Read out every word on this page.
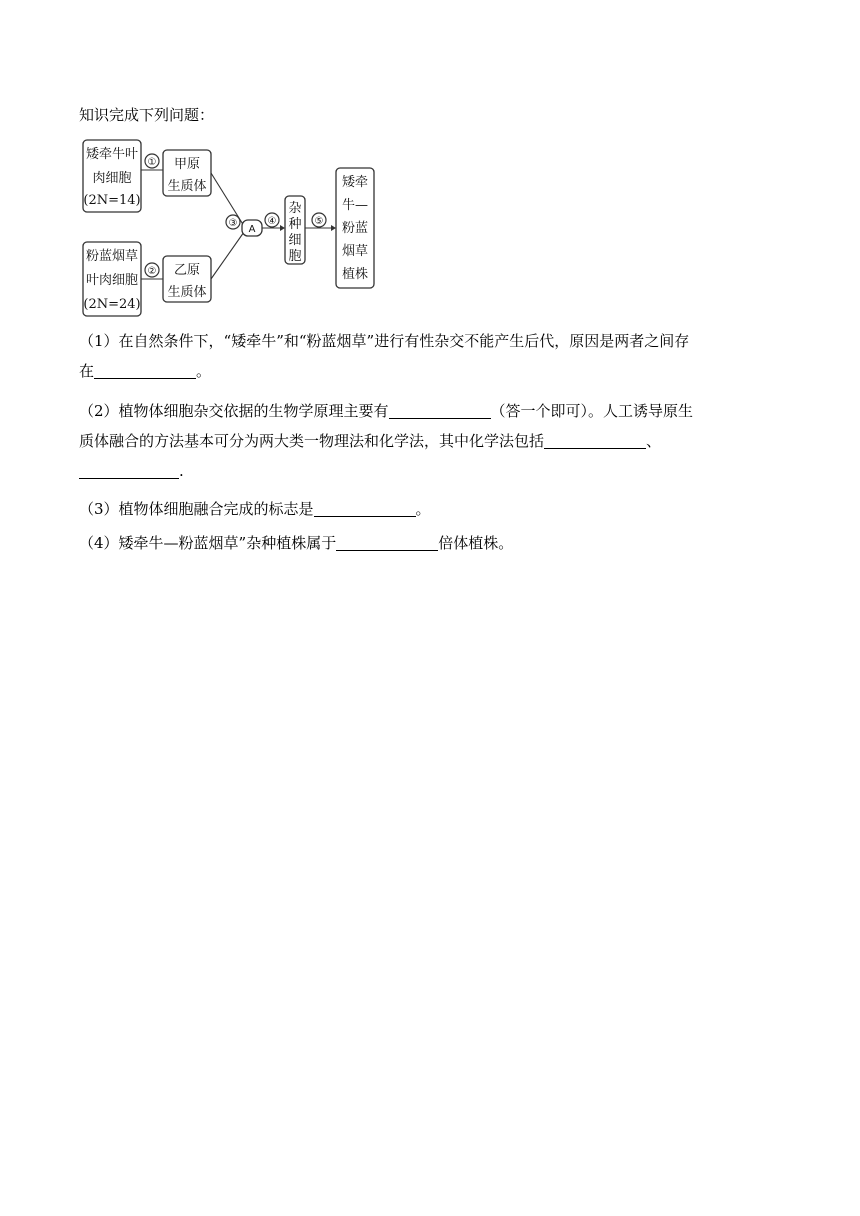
知识完成下列问题：
矮牵牛叶
肉细胞
(2N=14)
① 甲原
生质体
粉蓝烟草
叶肉细胞
(2N=24)
② 乙原
生质体
③
A
④
杂
种
细
胞
⑤
矮牵
牛—
粉蓝
烟草
植株
（1）在自然条件下，“矮牵牛”和“粉蓝烟草”进行有性杂交不能产生后代，原因是两者之间存
在	。
（2）植物体细胞杂交依据的生物学原理主要有	（答一个即可）。人工诱导原生
质体融合的方法基本可分为两大类一物理法和化学法，其中化学法包括	、
.
（3）植物体细胞融合完成的标志是	。
（4）矮牵牛—粉蓝烟草”杂种植株属于	倍体植株。
